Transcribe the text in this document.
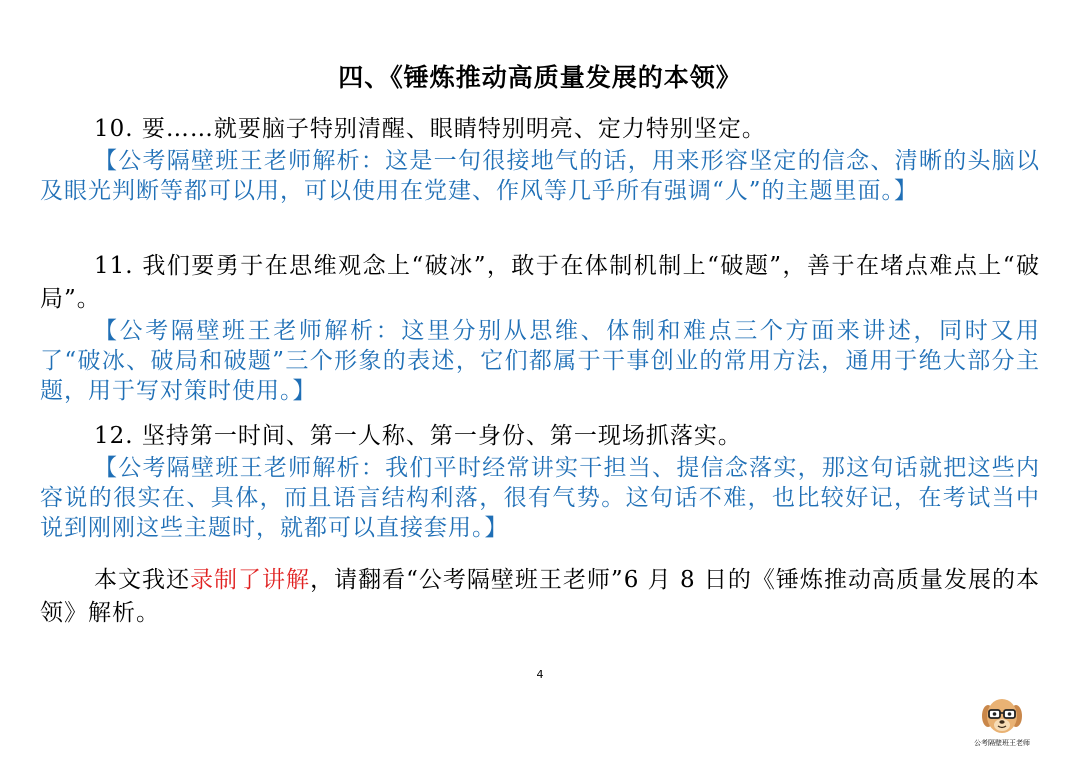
四、《锤炼推动高质量发展的本领》

10. 要……就要脑子特别清醒、眼睛特别明亮、定力特别坚定。

【公考隔壁班王老师解析：这是一句很接地气的话，用来形容坚定的信念、清晰的头脑以及眼光判断等都可以用，可以使用在党建、作风等几乎所有强调“人”的主题里面。】

11. 我们要勇于在思维观念上“破冰”，敢于在体制机制上“破题”，善于在堵点难点上“破局”。

【公考隔壁班王老师解析：这里分别从思维、体制和难点三个方面来讲述，同时又用了“破冰、破局和破题”三个形象的表述，它们都属于干事创业的常用方法，通用于绝大部分主题，用于写对策时使用。】

12. 坚持第一时间、第一人称、第一身份、第一现场抓落实。

【公考隔壁班王老师解析：我们平时经常讲实干担当、提信念落实，那这句话就把这些内容说的很实在、具体，而且语言结构利落，很有气势。这句话不难，也比较好记，在考试当中说到刚刚这些主题时，就都可以直接套用。】

本文我还录制了讲解，请翻看“公考隔壁班王老师”6 月 8 日的《锤炼推动高质量发展的本领》解析。

4
公考隔壁班王老师
